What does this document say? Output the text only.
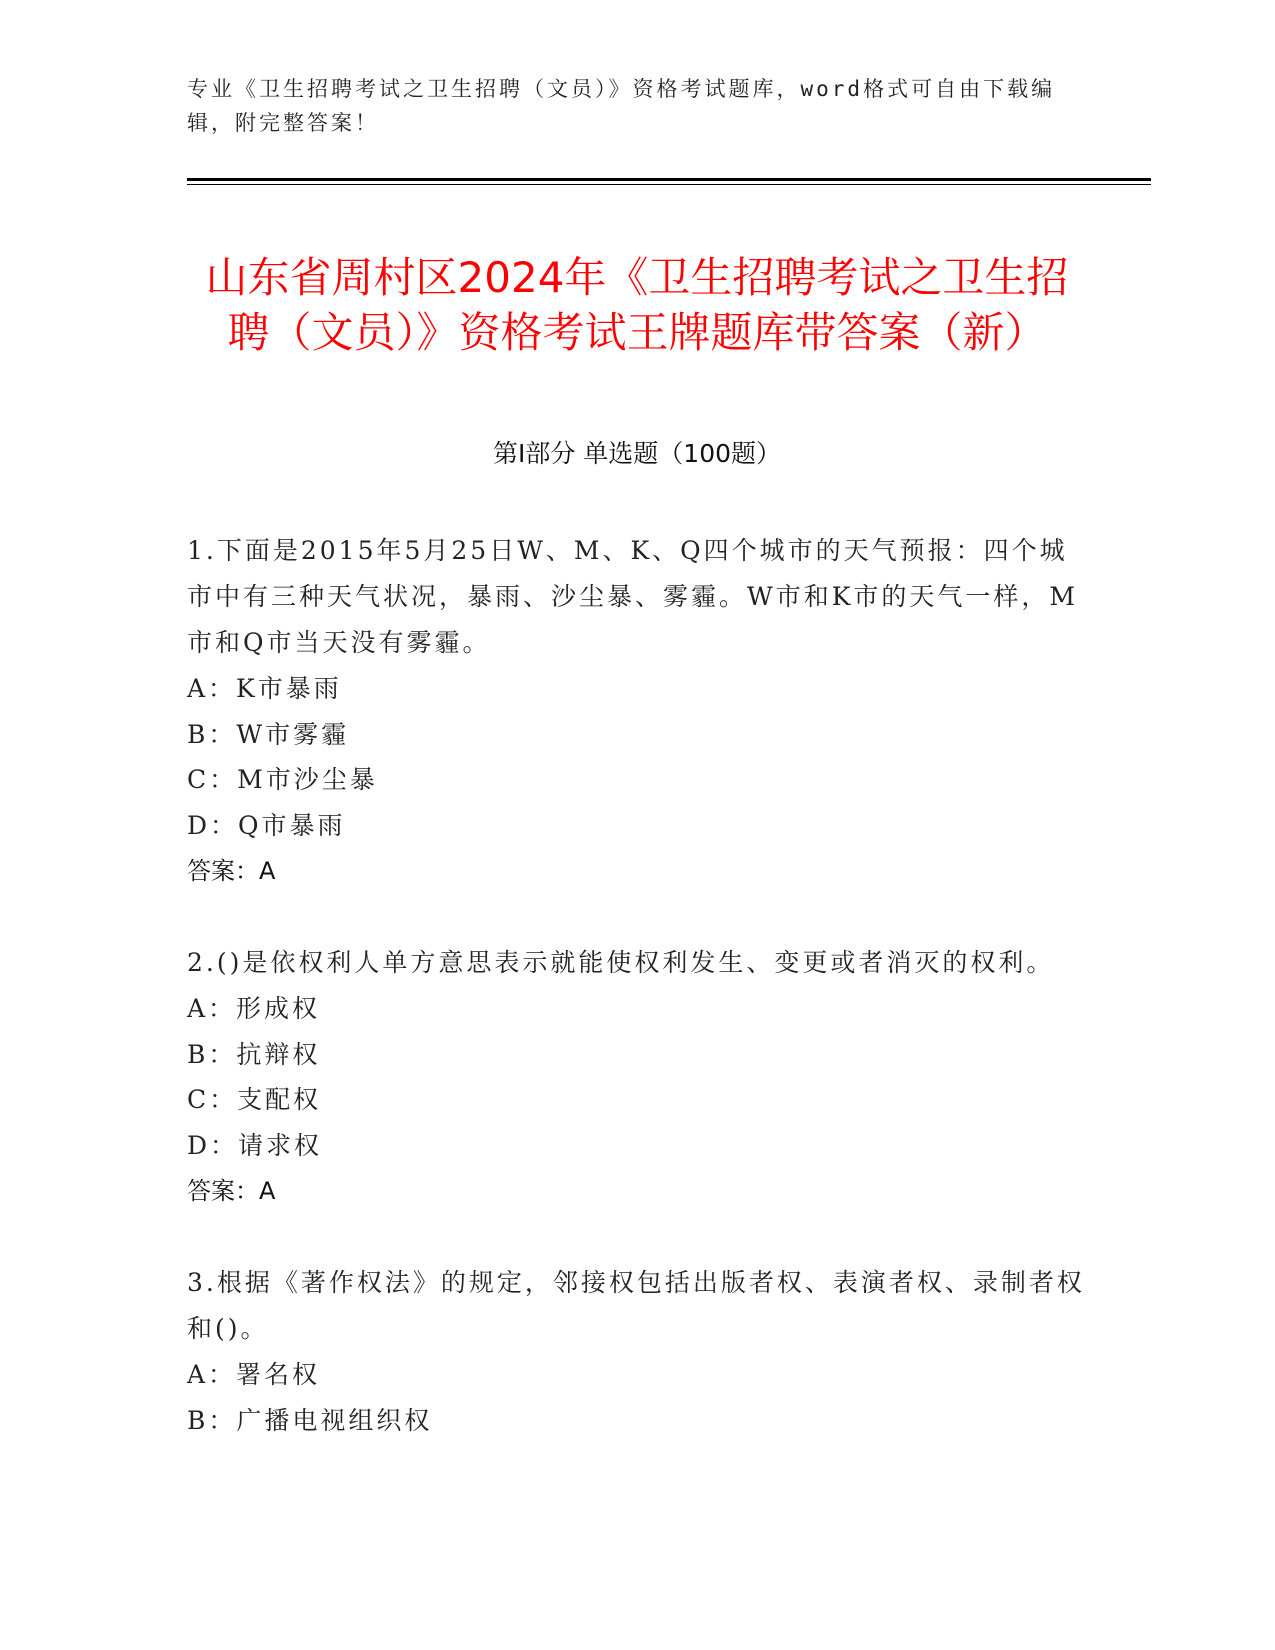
专业《卫生招聘考试之卫生招聘（文员）》资格考试题库，word格式可自由下载编辑，附完整答案！
山东省周村区2024年《卫生招聘考试之卫生招聘（文员）》资格考试王牌题库带答案（新）
第I部分 单选题（100题）
1.下面是2015年5月25日W、M、K、Q四个城市的天气预报：四个城市中有三种天气状况，暴雨、沙尘暴、雾霾。W市和K市的天气一样，M市和Q市当天没有雾霾。
A：K市暴雨
B：W市雾霾
C：M市沙尘暴
D：Q市暴雨
答案：A
2.()是依权利人单方意思表示就能使权利发生、变更或者消灭的权利。
A：形成权
B：抗辩权
C：支配权
D：请求权
答案：A
3.根据《著作权法》的规定，邻接权包括出版者权、表演者权、录制者权和()。
A：署名权
B：广播电视组织权
